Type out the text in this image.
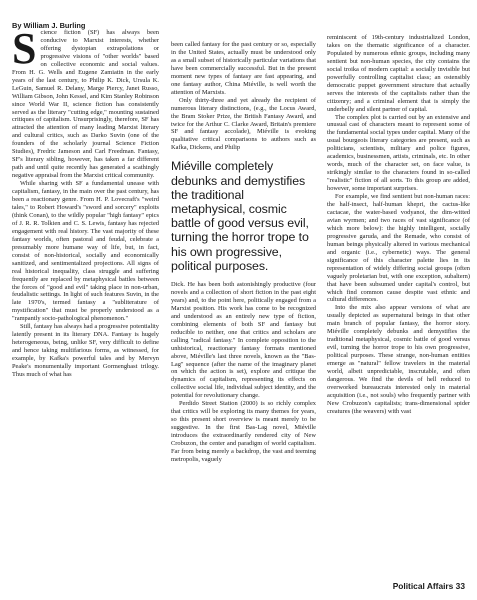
By William J. Burling

Science fiction (SF) has always been conducive to Marxist interests, whether offering dystopian extrapolations or progressive visions of "other worlds" based on collective economic and social values. From H. G. Wells and Eugene Zamiatin in the early years of the last century, to Philip K. Dick, Ursula K. LeGuin, Samuel R. Delany, Marge Piercy, Janet Russo, William Gibson, John Kessel, and Kim Stanley Robinson since World War II, science fiction has consistently served as the literary "cutting edge," mounting sustained critiques of capitalism. Unsurprisingly, therefore, SF has attracted the attention of many leading Marxist literary and cultural critics, such as Darko Suvin (one of the founders of the scholarly journal Science Fiction Studies), Fredric Jameson and Carl Freedman. Fantasy, SF's literary sibling, however, has taken a far different path and until quite recently has generated a scathingly negative appraisal from the Marxist critical community.

While sharing with SF a fundamental unease with capitalism, fantasy, in the main over the past century, has been a reactionary genre. From H. P. Lovecraft's "weird tales," to Robert Howard's "sword and sorcery" exploits (think Conan), to the wildly popular "high fantasy" epics of J. R. R. Tolkien and C. S. Lewis, fantasy has rejected engagement with real history. The vast majority of these fantasy worlds, often pastoral and feudal, celebrate a presumably more humane way of life, but, in fact, consist of non-historical, socially and economically sanitized, and sentimentalized projections. All signs of real historical inequality, class struggle and suffering frequently are replaced by metaphysical battles between the forces of "good and evil" taking place in non-urban, feudalistic settings. In light of such features Suvin, in the late 1970's, termed fantasy a "subliterature of mystification" that must be properly understood as a "rampantly socio-pathological phenomenon."

Still, fantasy has always had a progressive potentiality latently present in its literary DNA. Fantasy is hugely heterogeneous, being, unlike SF, very difficult to define and hence taking multifarious forms, as witnessed, for example, by Kafka's powerful tales and by Mervyn Peake's monumentally important Gormenghast trilogy. Thus much of what has

been called fantasy for the past century or so, especially in the United States, actually must be understood only as a small subset of historically particular variations that have been commercially successful. But in the present moment new types of fantasy are fast appearing, and one fantasy author, China Miéville, is well worth the attention of Marxists.

Only thirty-three and yet already the recipient of numerous literary distinctions, (e.g., the Locus Award, the Bram Stoker Prize, the British Fantasy Award, and twice for the Arthur C. Clarke Award, Britain's premiere SF and fantasy accolade), Miéville is evoking qualitative critical comparisons to authors such as Kafka, Dickens, and Philip

Miéville completely debunks and demystifies the traditional metaphysical, cosmic battle of good versus evil, turning the horror trope to his own progressive, political purposes.

Dick. He has been both astonishingly productive (four novels and a collection of short fiction in the past eight years) and, to the point here, politically engaged from a Marxist position. His work has come to be recognized and understood as an entirely new type of fiction, combining elements of both SF and fantasy but reducible to neither, one that critics and scholars are calling "radical fantasy." In complete opposition to the unhistorical, reactionary fantasy formats mentioned above, Miéville's last three novels, known as the "Bas-Lag" sequence (after the name of the imaginary planet on which the action is set), explore and critique the dynamics of capitalism, representing its effects on collective social life, individual subject identity, and the potential for revolutionary change.

Perdido Street Station (2000) is so richly complex that critics will be exploring its many themes for years, so this present short overview is meant merely to be suggestive. In the first Bas-Lag novel, Miéville introduces the extraordinarily rendered city of New Crobuzon, the center and paradigm of world capitalism. Far from being merely a backdrop, the vast and teeming metropolis, vaguely

reminiscent of 19th-century industrialized London, takes on the thematic significance of a character. Populated by numerous ethnic groups, including many sentient but non-human species, the city contains the social troika of modern capital: a socially invisible but powerfully controlling capitalist class; an ostensibly democratic puppet government structure that actually serves the interests of the capitalists rather than the citizenry; and a criminal element that is simply the underbelly and silent partner of capital.

The complex plot is carried out by an extensive and unusual cast of characters meant to represent some of the fundamental social types under capital. Many of the usual bourgeois literary categories are present, such as politicians, scientists, military and police figures, academics, businessmen, artists, criminals, etc. In other words, much of the character set, on face value, is strikingly similar to the characters found in so-called "realistic" fiction of all sorts. To this group are added, however, some important surprises.

For example, we find sentient but non-human races: the half-insect, half-human khepri, the cactus-like cactacae, the water-based vodyanoi, the dim-witted avian wyrmen; and two races of vast significance (of which more below): the highly intelligent, socially progressive garuda, and the Remade, who consist of human beings physically altered in various mechanical and organic (i.e., cybernetic) ways. The general significance of this character palette lies in its representation of widely differing social groups (often vaguely proletarian but, with one exception, subaltern) that have been subsumed under capital's control, but which find common cause despite vast ethnic and cultural differences.

Into the mix also appear versions of what are usually depicted as supernatural beings in that other main branch of popular fantasy, the horror story. Miéville completely debunks and demystifies the traditional metaphysical, cosmic battle of good versus evil, turning the horror trope to his own progressive, political purposes. These strange, non-human entities emerge as "natural" fellow travelers in the material world, albeit unpredictable, inscrutable, and often dangerous. We find the devils of hell reduced to overworked bureaucrats interested only in material acquisition (i.e., not souls) who frequently partner with New Crobuzon's capitalists; trans-dimensional spider creatures (the weavers) with vast

Political Affairs 33
